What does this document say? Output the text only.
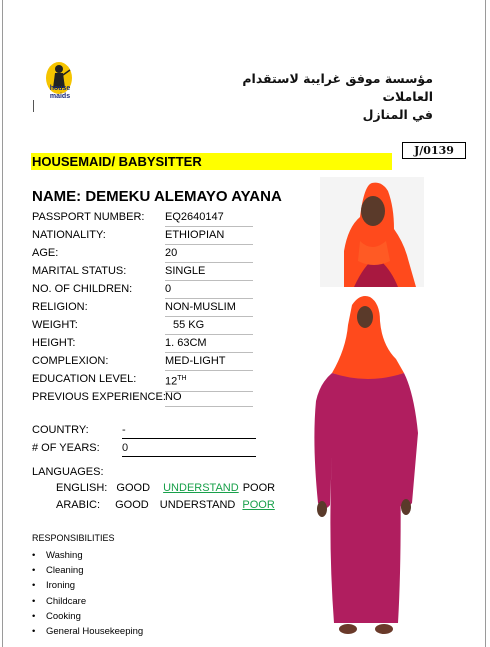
house maids
مؤسسة موفق غرايبة لاستقدام العاملات
في المنازل
J/0139
HOUSEMAID/ BABYSITTER
NAME: DEMEKU ALEMAYO AYANA
PASSPORT NUMBER: EQ2640147
NATIONALITY:	ETHIOPIAN
AGE:	20
MARITAL STATUS:	SINGLE
NO. OF CHILDREN:	0
RELIGION:	NON-MUSLIM
WEIGHT:	55 KG
HEIGHT:	1. 63CM
COMPLEXION:	MED-LIGHT
EDUCATION LEVEL:	12TH
PREVIOUS EXPERIENCE: NO
COUNTRY:	-
# OF YEARS: 0
LANGUAGES:
ENGLISH: GOOD UNDERSTAND POOR
ARABIC: GOOD UNDERSTAND POOR
RESPONSIBILITIES
• Washing
• Cleaning
• Ironing
• Childcare
• Cooking
• General Housekeeping
